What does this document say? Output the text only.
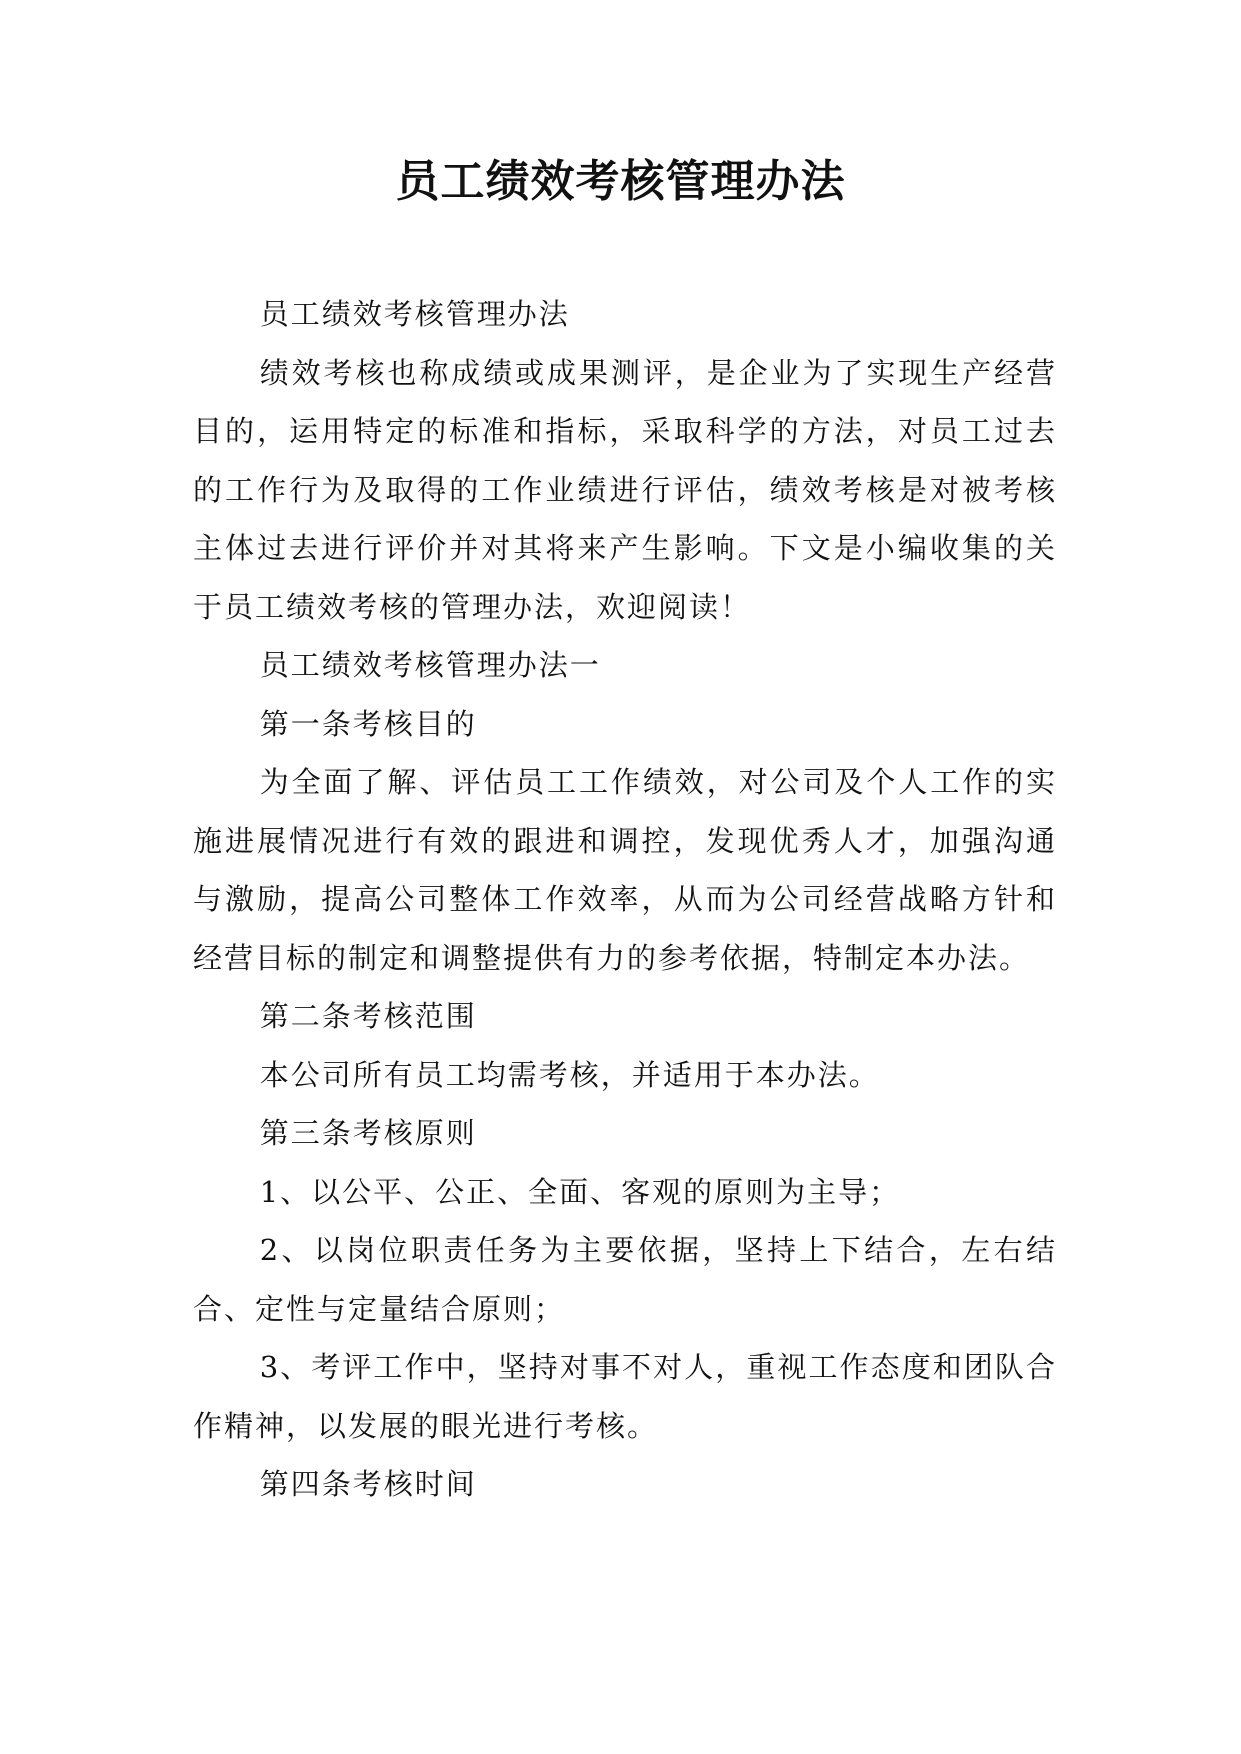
员工绩效考核管理办法

员工绩效考核管理办法

绩效考核也称成绩或成果测评，是企业为了实现生产经营目的，运用特定的标准和指标，采取科学的方法，对员工过去的工作行为及取得的工作业绩进行评估，绩效考核是对被考核主体过去进行评价并对其将来产生影响。下文是小编收集的关于员工绩效考核的管理办法，欢迎阅读！

员工绩效考核管理办法一

第一条考核目的

为全面了解、评估员工工作绩效，对公司及个人工作的实施进展情况进行有效的跟进和调控，发现优秀人才，加强沟通与激励，提高公司整体工作效率，从而为公司经营战略方针和经营目标的制定和调整提供有力的参考依据，特制定本办法。

第二条考核范围

本公司所有员工均需考核，并适用于本办法。

第三条考核原则

1、以公平、公正、全面、客观的原则为主导；

2、以岗位职责任务为主要依据，坚持上下结合，左右结合、定性与定量结合原则；

3、考评工作中，坚持对事不对人，重视工作态度和团队合作精神，以发展的眼光进行考核。

第四条考核时间
